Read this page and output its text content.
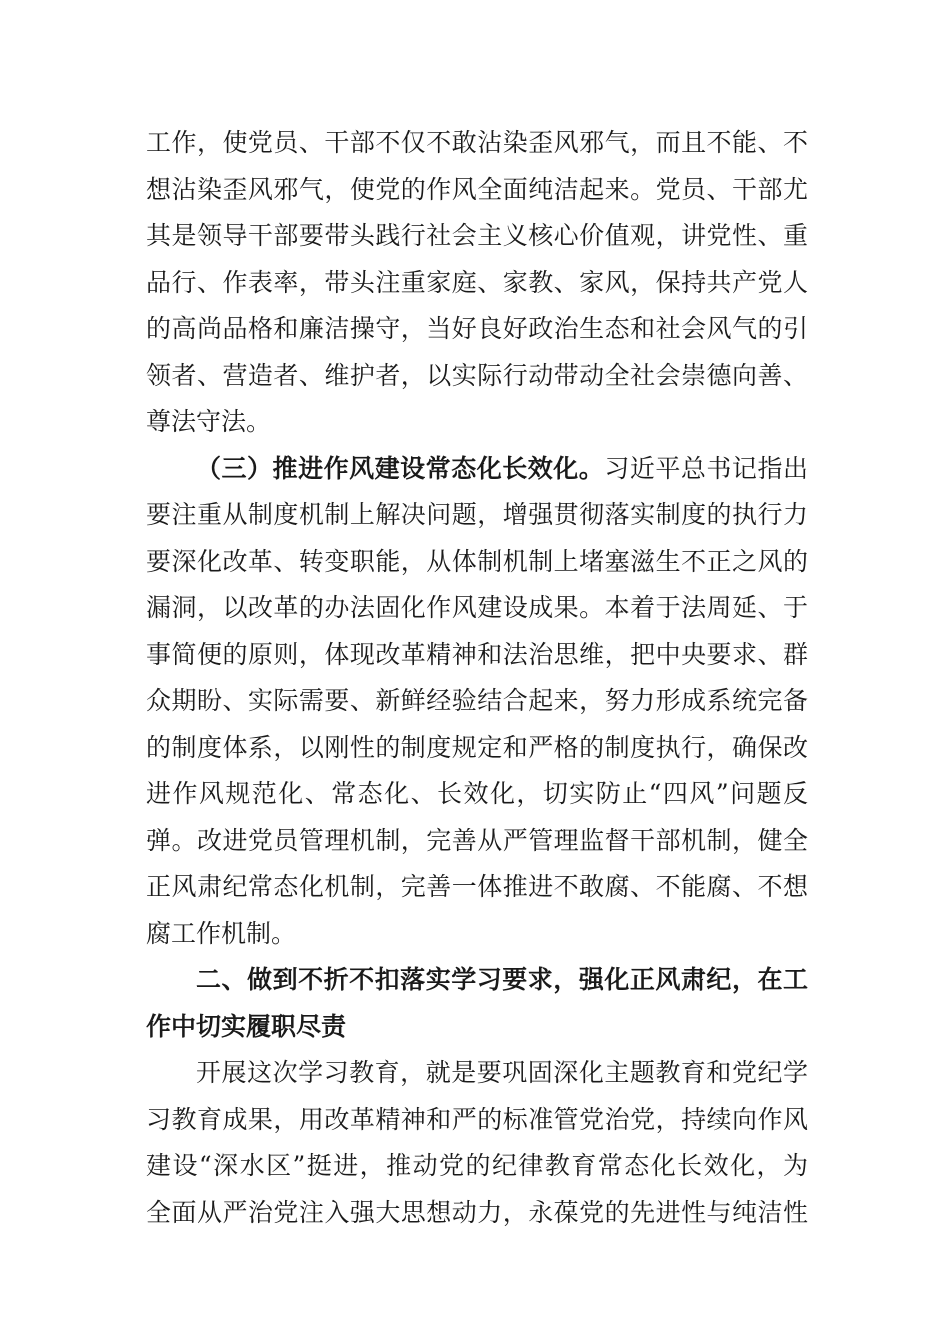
工作，使党员、干部不仅不敢沾染歪风邪气，而且不能、不
想沾染歪风邪气，使党的作风全面纯洁起来。党员、干部尤
其是领导干部要带头践行社会主义核心价值观，讲党性、重
品行、作表率，带头注重家庭、家教、家风，保持共产党人
的高尚品格和廉洁操守，当好良好政治生态和社会风气的引
领者、营造者、维护者，以实际行动带动全社会崇德向善、
尊法守法。
（三）推进作风建设常态化长效化。习近平总书记指出
要注重从制度机制上解决问题，增强贯彻落实制度的执行力
要深化改革、转变职能，从体制机制上堵塞滋生不正之风的
漏洞，以改革的办法固化作风建设成果。本着于法周延、于
事简便的原则，体现改革精神和法治思维，把中央要求、群
众期盼、实际需要、新鲜经验结合起来，努力形成系统完备
的制度体系，以刚性的制度规定和严格的制度执行，确保改
进作风规范化、常态化、长效化，切实防止“四风”问题反
弹。改进党员管理机制，完善从严管理监督干部机制，健全
正风肃纪常态化机制，完善一体推进不敢腐、不能腐、不想
腐工作机制。
二、做到不折不扣落实学习要求，强化正风肃纪，在工
作中切实履职尽责
开展这次学习教育，就是要巩固深化主题教育和党纪学
习教育成果，用改革精神和严的标准管党治党，持续向作风
建设“深水区”挺进，推动党的纪律教育常态化长效化，为
全面从严治党注入强大思想动力，永葆党的先进性与纯洁性
